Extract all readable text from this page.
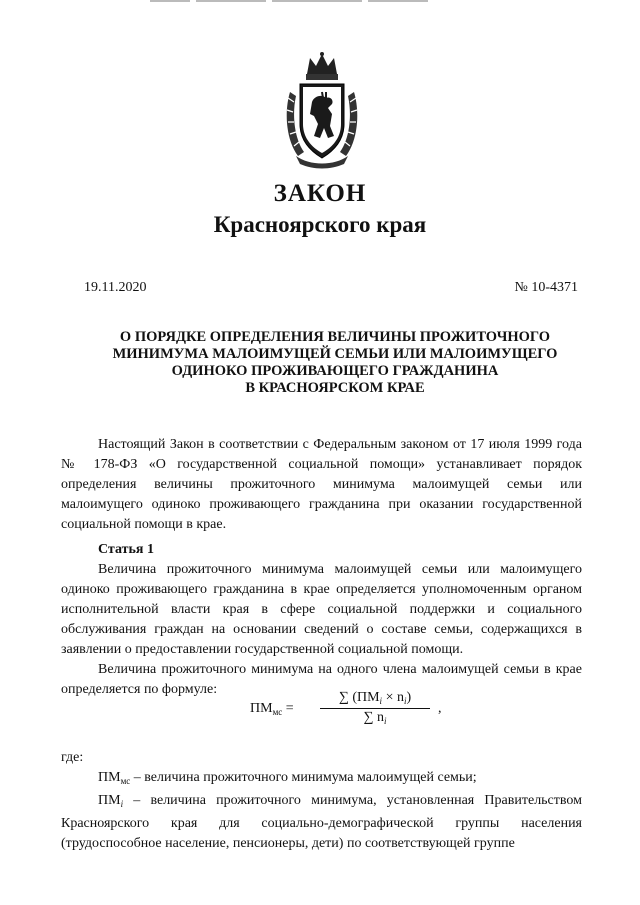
ЗАКОН
Красноярского края
19.11.2020	№ 10-4371
О ПОРЯДКЕ ОПРЕДЕЛЕНИЯ ВЕЛИЧИНЫ ПРОЖИТОЧНОГО
МИНИМУМА МАЛОИМУЩЕЙ СЕМЬИ ИЛИ МАЛОИМУЩЕГО
ОДИНОКО ПРОЖИВАЮЩЕГО ГРАЖДАНИНА
В КРАСНОЯРСКОМ КРАЕ

Настоящий Закон в соответствии с Федеральным законом от 17 июля 1999 года № 178-ФЗ «О государственной социальной помощи» устанавливает порядок определения величины прожиточного минимума малоимущей семьи или малоимущего одиноко проживающего гражданина при оказании государственной социальной помощи в крае.

Статья 1

Величина прожиточного минимума малоимущей семьи или малоимущего одиноко проживающего гражданина в крае определяется уполномоченным органом исполнительной власти края в сфере социальной поддержки и социального обслуживания граждан на основании сведений о составе семьи, содержащихся в заявлении о предоставлении государственной социальной помощи.

Величина прожиточного минимума на одного члена малоимущей семьи в крае определяется по формуле:

$ПМ_{мс}$ =
∑ $(ПМ_i \times n_i)$
∑ $n_i$
,

где:

$ПМ_{мс}$ – величина прожиточного минимума малоимущей семьи;

$ПМ_i$ – величина прожиточного минимума, установленная Правительством Красноярского края для социально-демографической группы населения (трудоспособное население, пенсионеры, дети) по соответствующей группе
